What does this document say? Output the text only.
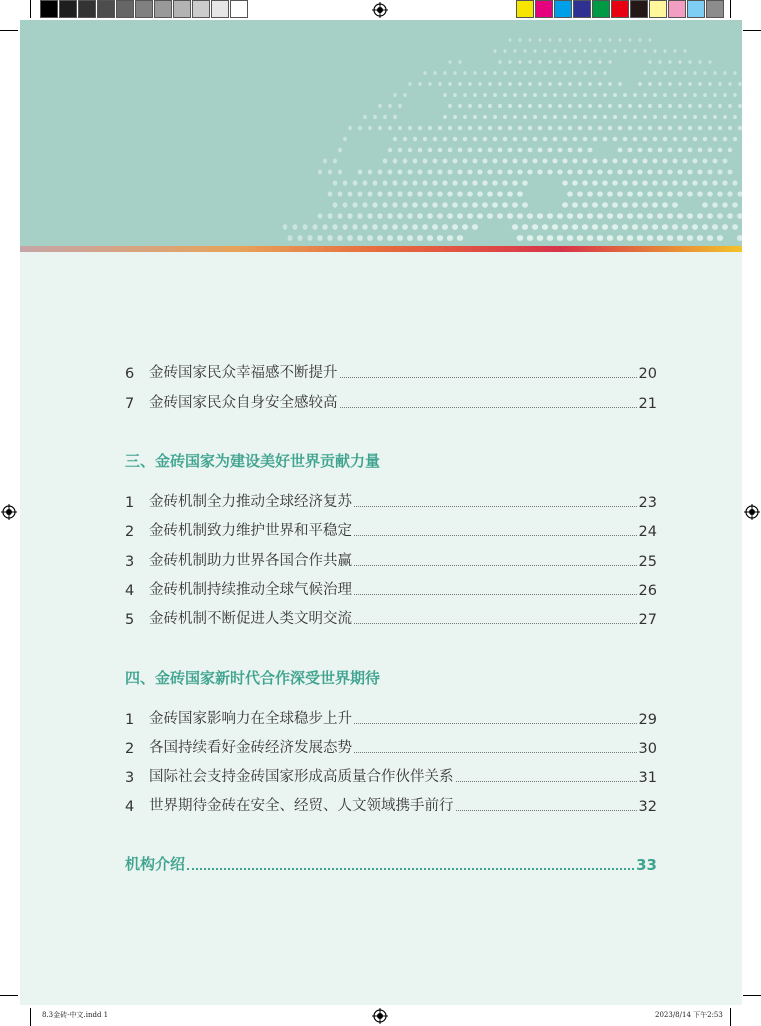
6	金砖国家民众幸福感不断提升	20
7	金砖国家民众自身安全感较高	21
三、金砖国家为建设美好世界贡献力量
1	金砖机制全力推动全球经济复苏	23
2	金砖机制致力维护世界和平稳定	24
3	金砖机制助力世界各国合作共赢	25
4	金砖机制持续推动全球气候治理	26
5	金砖机制不断促进人类文明交流	27
四、金砖国家新时代合作深受世界期待
1	金砖国家影响力在全球稳步上升	29
2	各国持续看好金砖经济发展态势	30
3	国际社会支持金砖国家形成高质量合作伙伴关系	31
4	世界期待金砖在安全、经贸、人文领域携手前行	32
机构介绍	33
8.3金砖-中文.indd 1	2023/8/14 下午2:53
